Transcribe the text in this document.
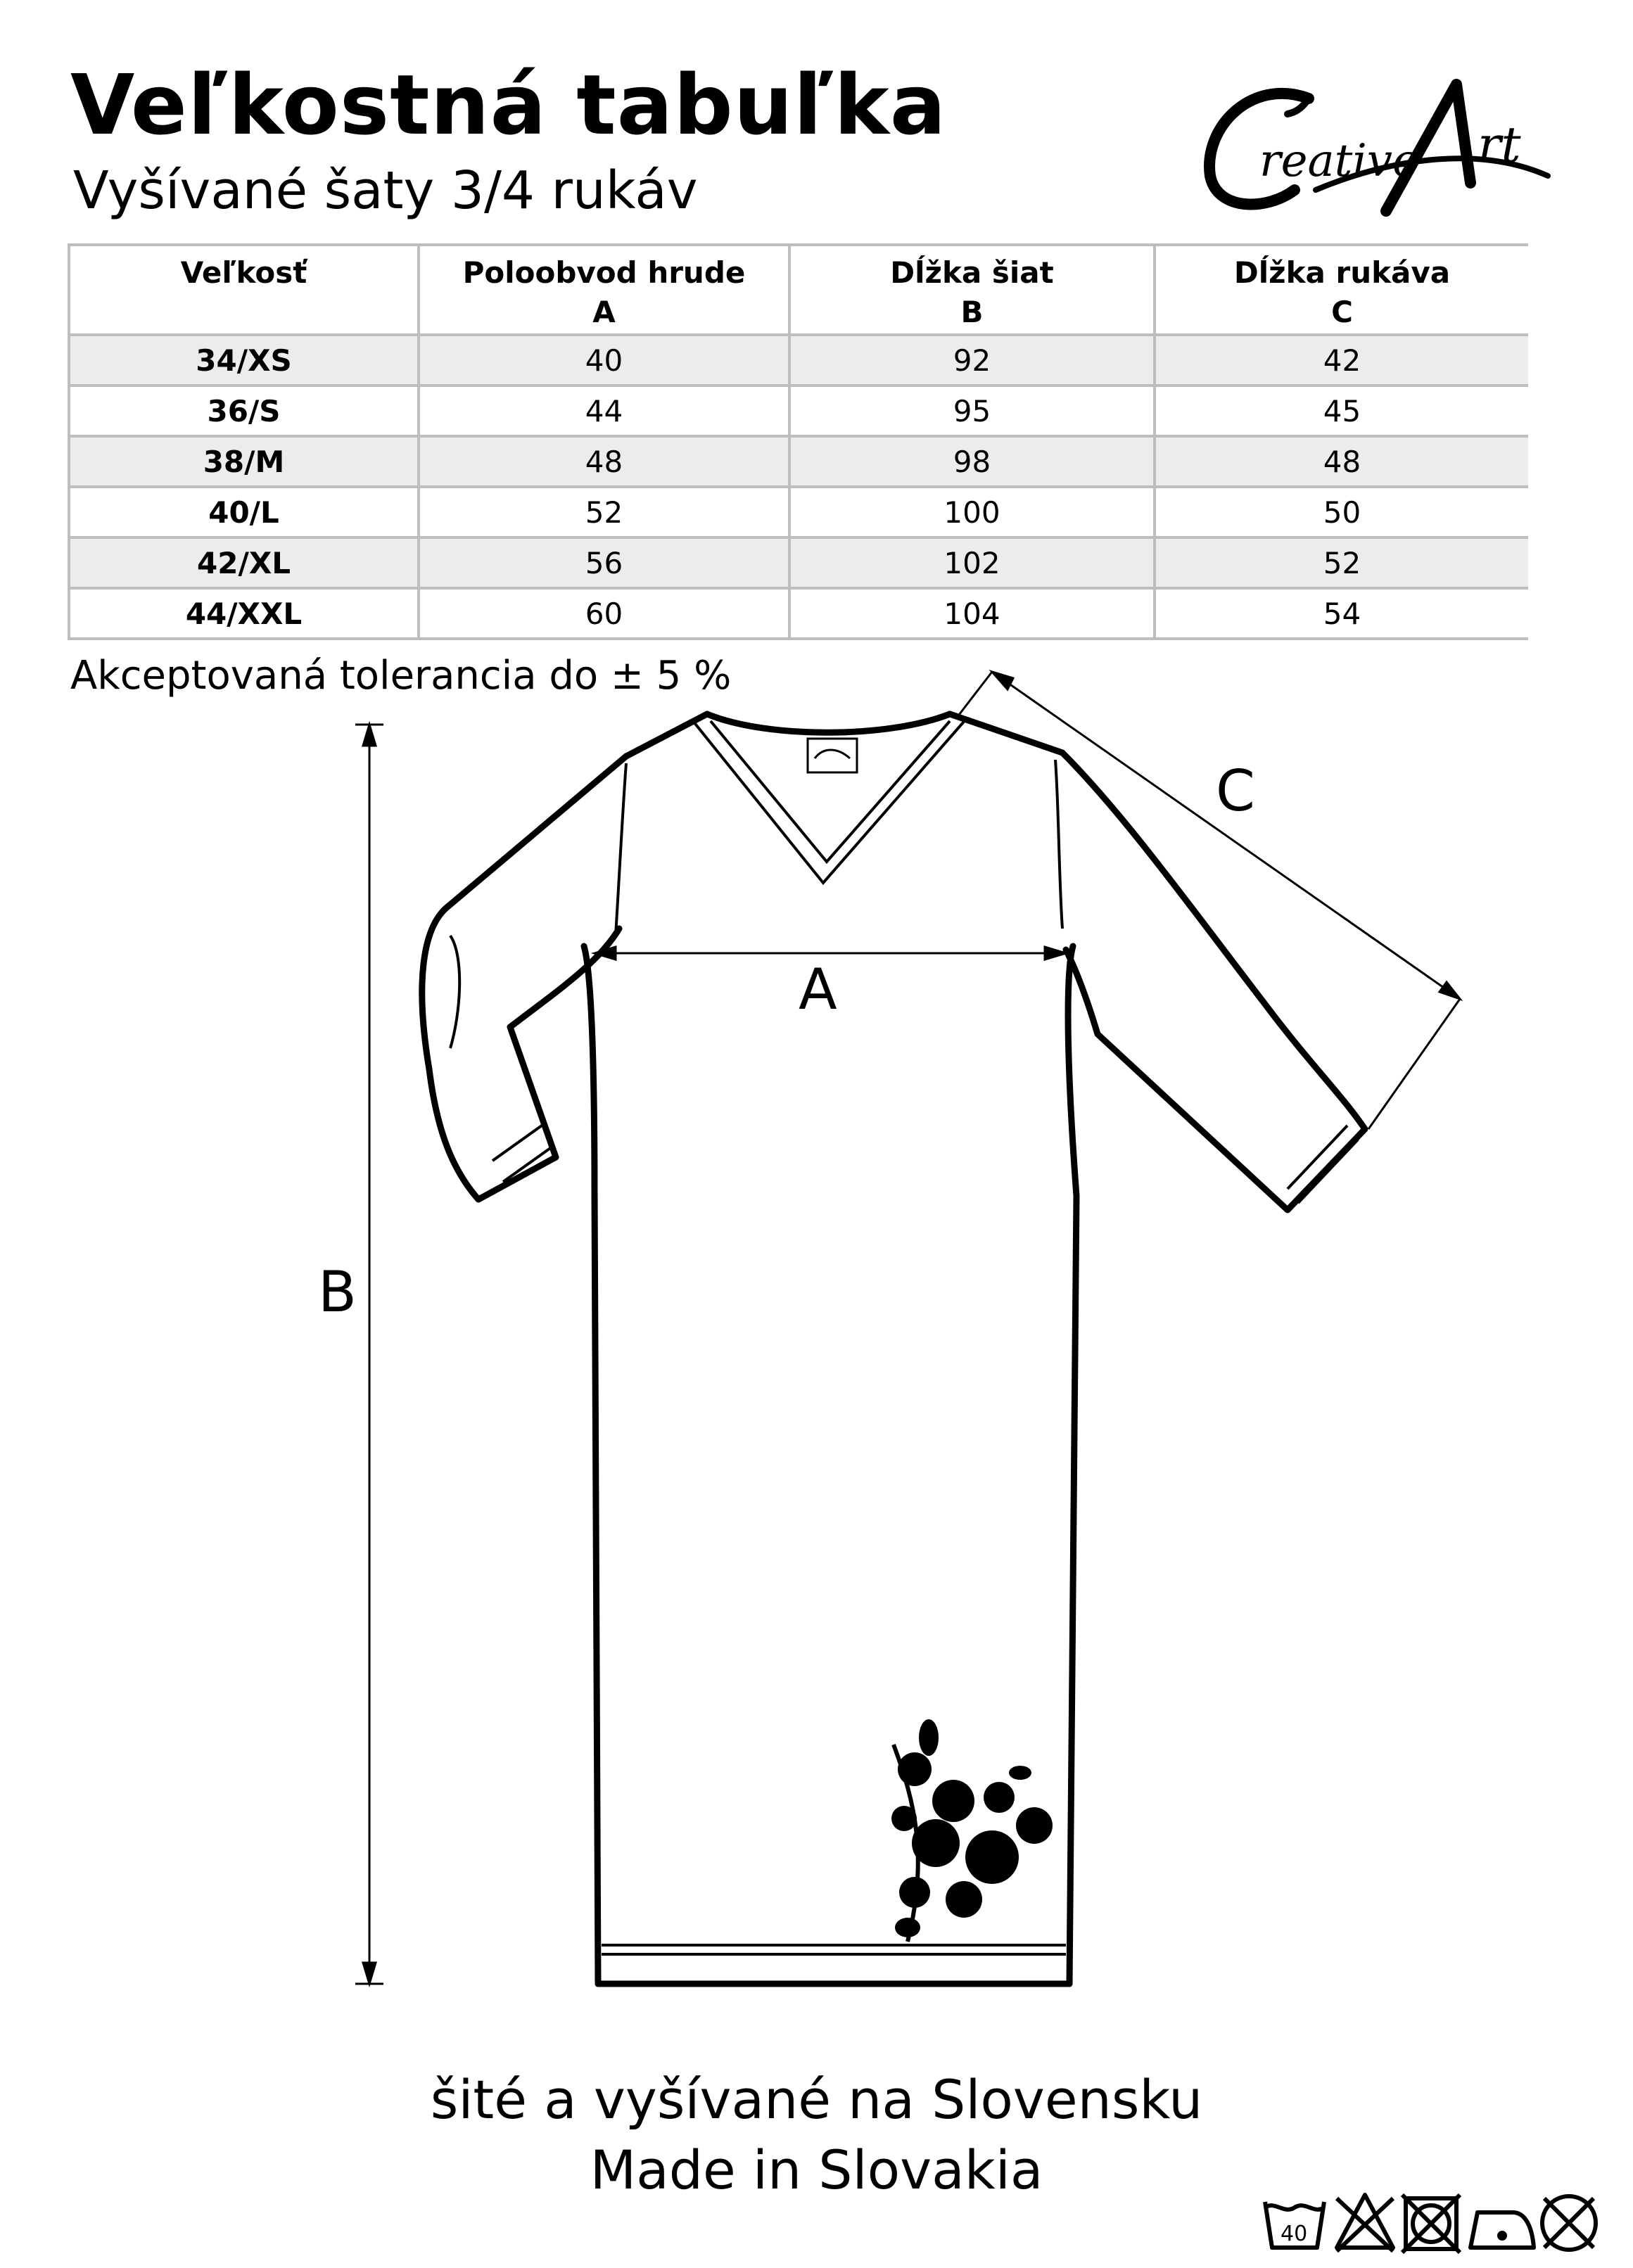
Veľkostná tabuľka
Vyšívané šaty 3/4 rukáv	reative rt
Veľkosť	Poloobvod hrude	Dĺžka šiat	Dĺžka rukáva
	A	B	C
34/XS	40	92	42
36/S	44	95	45
38/M	48	98	48
40/L	52	100	50
42/XL	56	102	52
44/XXL	60	104	54
Akceptovaná tolerancia do ± 5 %
A
B
C
šité a vyšívané na Slovensku
Made in Slovakia
40
